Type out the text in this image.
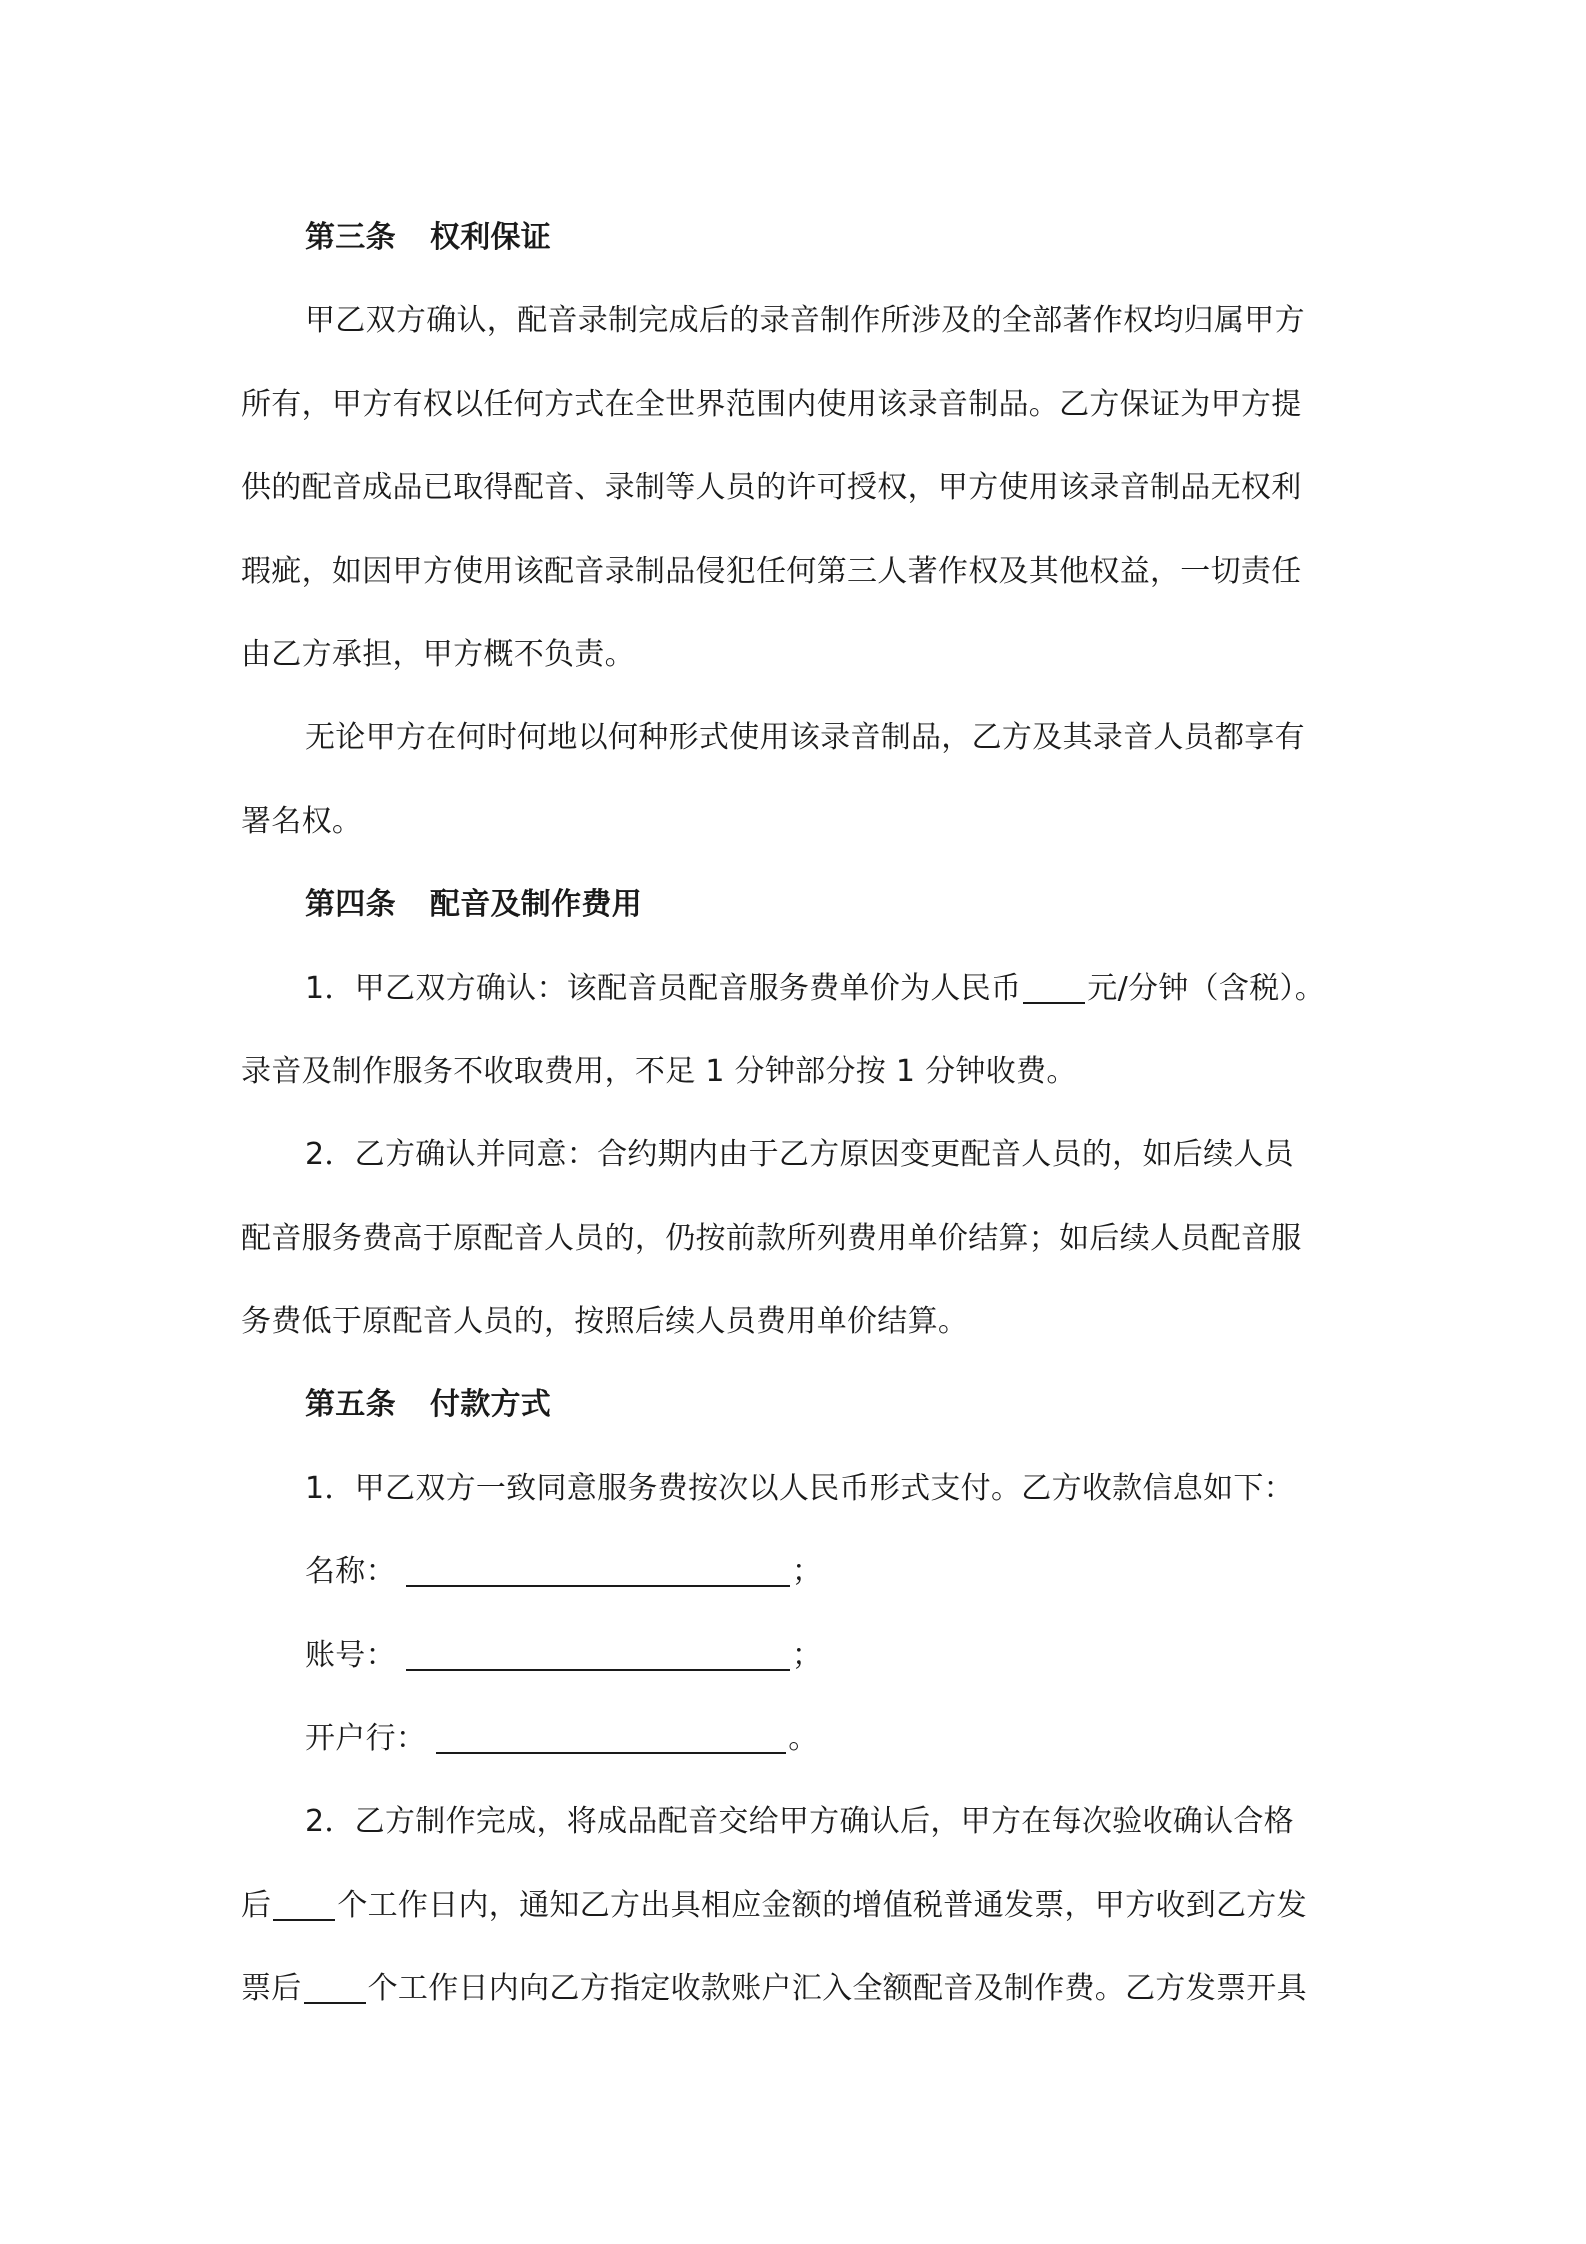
第三条 权利保证
甲乙双方确认，配音录制完成后的录音制作所涉及的全部著作权均归属甲方
所有，甲方有权以任何方式在全世界范围内使用该录音制品。乙方保证为甲方提
供的配音成品已取得配音、录制等人员的许可授权，甲方使用该录音制品无权利
瑕疵，如因甲方使用该配音录制品侵犯任何第三人著作权及其他权益，一切责任
由乙方承担，甲方概不负责。
无论甲方在何时何地以何种形式使用该录音制品，乙方及其录音人员都享有
署名权。
第四条 配音及制作费用
1．甲乙双方确认：该配音员配音服务费单价为人民币 元/分钟（含税）。
录音及制作服务不收取费用，不足 1 分钟部分按 1 分钟收费。
2．乙方确认并同意：合约期内由于乙方原因变更配音人员的，如后续人员
配音服务费高于原配音人员的，仍按前款所列费用单价结算；如后续人员配音服
务费低于原配音人员的，按照后续人员费用单价结算。
第五条 付款方式
1．甲乙双方一致同意服务费按次以人民币形式支付。乙方收款信息如下：
名称：	；
账号：	；
开户行：	。
2．乙方制作完成，将成品配音交给甲方确认后，甲方在每次验收确认合格
后 个工作日内，通知乙方出具相应金额的增值税普通发票，甲方收到乙方发
票后 个工作日内向乙方指定收款账户汇入全额配音及制作费。乙方发票开具
